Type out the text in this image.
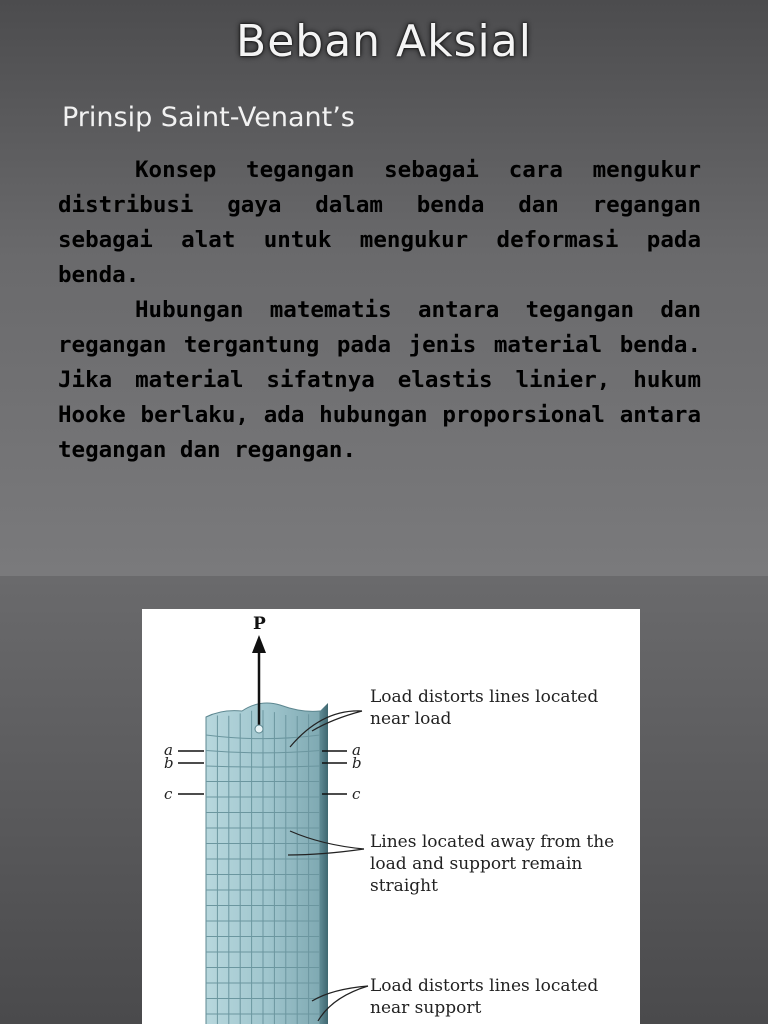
Beban Aksial
Prinsip Saint-Venant’s

Konsep tegangan sebagai cara mengukur distribusi gaya dalam benda dan regangan sebagai alat untuk mengukur deformasi pada benda.

Hubungan matematis antara tegangan dan regangan tergantung pada jenis material benda. Jika material sifatnya elastis linier, hukum Hooke berlaku, ada hubungan proporsional antara tegangan dan regangan.

P
a
b
c
a
b
c
Load distorts lines located near load
Lines located away from the load and support remain straight
Load distorts lines located near support
